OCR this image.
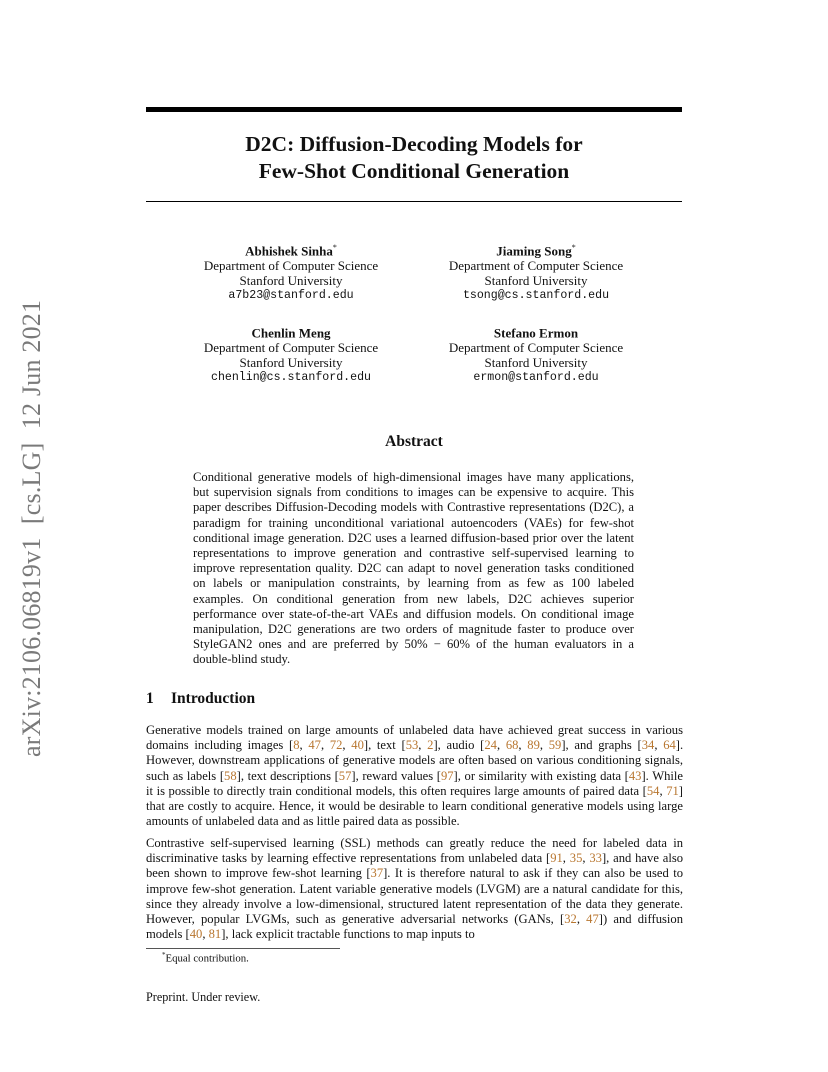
arXiv:2106.06819v1  [cs.LG]  12 Jun 2021
D2C: Diffusion-Decoding Models for
Few-Shot Conditional Generation
Abhishek Sinha*
Department of Computer Science
Stanford University
a7b23@stanford.edu
Jiaming Song*
Department of Computer Science
Stanford University
tsong@cs.stanford.edu
Chenlin Meng
Department of Computer Science
Stanford University
chenlin@cs.stanford.edu
Stefano Ermon
Department of Computer Science
Stanford University
ermon@stanford.edu
Abstract
Conditional generative models of high-dimensional images have many applications, but supervision signals from conditions to images can be expensive to acquire. This paper describes Diffusion-Decoding models with Contrastive representations (D2C), a paradigm for training unconditional variational autoencoders (VAEs) for few-shot conditional image generation. D2C uses a learned diffusion-based prior over the latent representations to improve generation and contrastive self-supervised learning to improve representation quality. D2C can adapt to novel generation tasks conditioned on labels or manipulation constraints, by learning from as few as 100 labeled examples. On conditional generation from new labels, D2C achieves superior performance over state-of-the-art VAEs and diffusion models. On conditional image manipulation, D2C generations are two orders of magnitude faster to produce over StyleGAN2 ones and are preferred by 50% − 60% of the human evaluators in a double-blind study.
1 Introduction
Generative models trained on large amounts of unlabeled data have achieved great success in various domains including images [8, 47, 72, 40], text [53, 2], audio [24, 68, 89, 59], and graphs [34, 64]. However, downstream applications of generative models are often based on various conditioning signals, such as labels [58], text descriptions [57], reward values [97], or similarity with existing data [43]. While it is possible to directly train conditional models, this often requires large amounts of paired data [54, 71] that are costly to acquire. Hence, it would be desirable to learn conditional generative models using large amounts of unlabeled data and as little paired data as possible.
Contrastive self-supervised learning (SSL) methods can greatly reduce the need for labeled data in discriminative tasks by learning effective representations from unlabeled data [91, 35, 33], and have also been shown to improve few-shot learning [37]. It is therefore natural to ask if they can also be used to improve few-shot generation. Latent variable generative models (LVGM) are a natural candidate for this, since they already involve a low-dimensional, structured latent representation of the data they generate. However, popular LVGMs, such as generative adversarial networks (GANs, [32, 47]) and diffusion models [40, 81], lack explicit tractable functions to map inputs to
*Equal contribution.
Preprint. Under review.
